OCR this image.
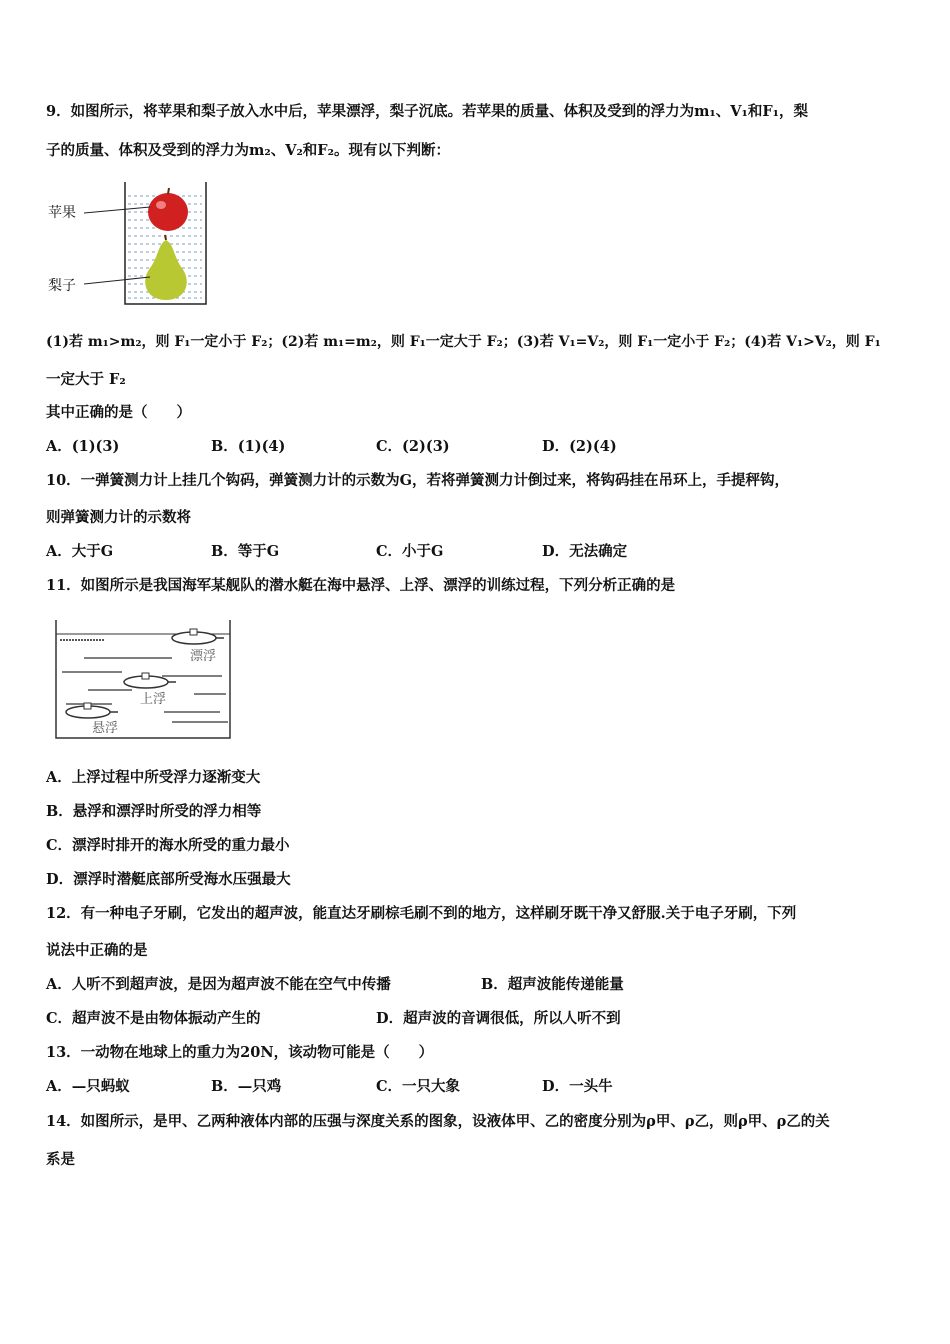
9．如图所示，将苹果和梨子放入水中后，苹果漂浮，梨子沉底。若苹果的质量、体积及受到的浮力为m₁、V₁和F₁，梨
子的质量、体积及受到的浮力为m₂、V₂和F₂。现有以下判断：
苹果
梨子
(1)若 m₁>m₂，则 F₁一定小于 F₂；(2)若 m₁=m₂，则 F₁一定大于 F₂；(3)若 V₁=V₂，则 F₁一定小于 F₂；(4)若 V₁>V₂，则 F₁
一定大于 F₂
其中正确的是（　　）
A．(1)(3)	B．(1)(4)	C．(2)(3)	D．(2)(4)
10．一弹簧测力计上挂几个钩码，弹簧测力计的示数为G，若将弹簧测力计倒过来，将钩码挂在吊环上，手提秤钩，
则弹簧测力计的示数将
A．大于G	B．等于G	C．小于G	D．无法确定
11．如图所示是我国海军某舰队的潜水艇在海中悬浮、上浮、漂浮的训练过程，下列分析正确的是
漂浮
上浮
悬浮
A．上浮过程中所受浮力逐渐变大
B．悬浮和漂浮时所受的浮力相等
C．漂浮时排开的海水所受的重力最小
D．漂浮时潜艇底部所受海水压强最大
12．有一种电子牙刷，它发出的超声波，能直达牙刷棕毛刷不到的地方，这样刷牙既干净又舒服.关于电子牙刷，下列
说法中正确的是
A．人听不到超声波，是因为超声波不能在空气中传播	B．超声波能传递能量
C．超声波不是由物体振动产生的	D．超声波的音调很低，所以人听不到
13．一动物在地球上的重力为20N，该动物可能是（　　）
A．—只蚂蚁	B．—只鸡	C．一只大象	D．一头牛
14．如图所示，是甲、乙两种液体内部的压强与深度关系的图象，设液体甲、乙的密度分别为ρ甲、ρ乙，则ρ甲、ρ乙的关
系是
